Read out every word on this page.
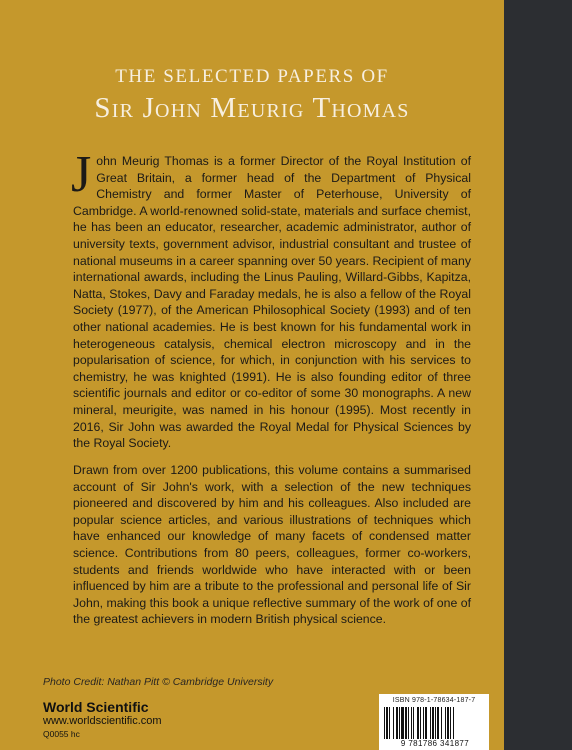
THE SELECTED PAPERS OF
Sir John Meurig Thomas

John Meurig Thomas is a former Director of the Royal Institution of Great Britain, a former head of the Department of Physical Chemistry and former Master of Peterhouse, University of Cambridge. A world-renowned solid-state, materials and surface chemist, he has been an educator, researcher, academic administrator, author of university texts, government advisor, industrial consultant and trustee of national museums in a career spanning over 50 years. Recipient of many international awards, including the Linus Pauling, Willard-Gibbs, Kapitza, Natta, Stokes, Davy and Faraday medals, he is also a fellow of the Royal Society (1977), of the American Philosophical Society (1993) and of ten other national academies. He is best known for his fundamental work in heterogeneous catalysis, chemical electron microscopy and in the popularisation of science, for which, in conjunction with his services to chemistry, he was knighted (1991). He is also founding editor of three scientific journals and editor or co-editor of some 30 monographs. A new mineral, meurigite, was named in his honour (1995). Most recently in 2016, Sir John was awarded the Royal Medal for Physical Sciences by the Royal Society.

Drawn from over 1200 publications, this volume contains a summarised account of Sir John's work, with a selection of the new techniques pioneered and discovered by him and his colleagues. Also included are popular science articles, and various illustrations of techniques which have enhanced our knowledge of many facets of condensed matter science. Contributions from 80 peers, colleagues, former co-workers, students and friends worldwide who have interacted with or been influenced by him are a tribute to the professional and personal life of Sir John, making this book a unique reflective summary of the work of one of the greatest achievers in modern British physical science.

Photo Credit: Nathan Pitt © Cambridge University
World Scientific
www.worldscientific.com
Q0055 hc
ISBN 978-1-78634-187-7
9 781786 341877
